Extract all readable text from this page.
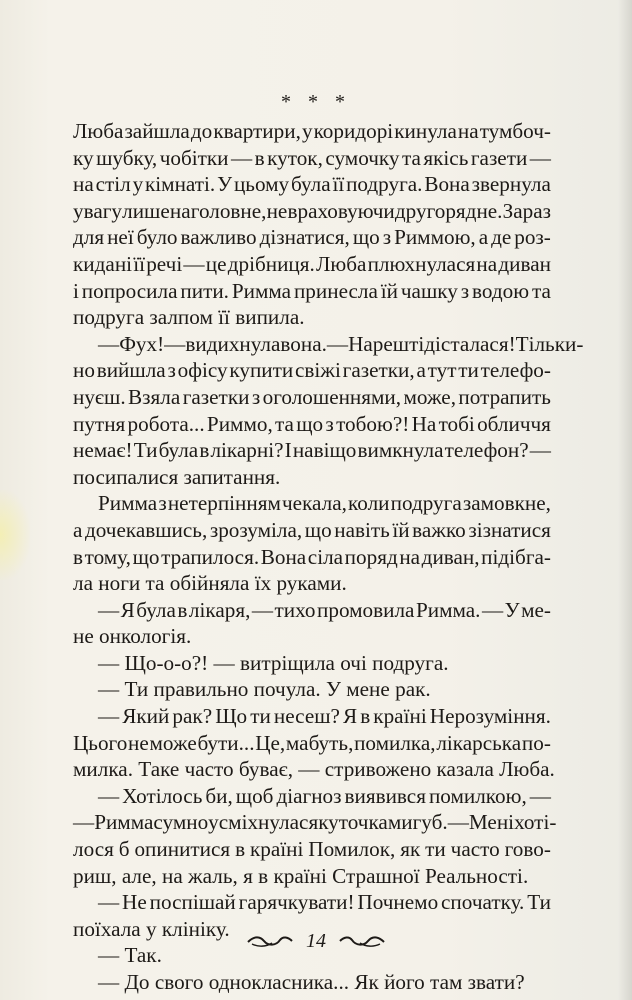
* * *
Люба зайшла до квартири, у коридорі кинула на тумбоч-
ку шубку, чобітки — в куток, сумочку та якісь газети —
на стіл у кімнаті. У цьому була її подруга. Вона звернула
увагу лише на головне, не враховуючи другорядне. Зараз
для неї було важливо дізнатися, що з Риммою, а де роз-
кидані її речі — це дрібниця. Люба плюхнулася на диван
і попросила пити. Римма принесла їй чашку з водою та
подруга залпом її випила.
— Фух! — видихнула вона. — Нарешті дісталася! Тільки-
но вийшла з офісу купити свіжі газетки, а тут ти телефо-
нуєш. Взяла газетки з оголошеннями, може, потрапить
путня робота... Риммо, та що з тобою?! На тобі обличчя
немає! Ти була в лікарні? І навіщо вимкнула телефон? —
посипалися запитання.
Римма з нетерпінням чекала, коли подруга замовкне,
а дочекавшись, зрозуміла, що навіть їй важко зізнатися
в тому, що трапилося. Вона сіла поряд на диван, підібга-
ла ноги та обійняла їх руками.
— Я була в лікаря, — тихо промовила Римма. — У ме-
не онкологія.
— Що-о-о?! — витріщила очі подруга.
— Ти правильно почула. У мене рак.
— Який рак? Що ти несеш? Я в країні Нерозуміння.
Цього не може бути... Це, мабуть, помилка, лікарська по-
милка. Таке часто буває, — стривожено казала Люба.
— Хотілось би, щоб діагноз виявився помилкою, —
— Римма сумно усміхнулася куточками губ. — Мені хоті-
лося б опинитися в країні Помилок, як ти часто гово-
риш, але, на жаль, я в країні Страшної Реальності.
— Не поспішай гарячкувати! Почнемо спочатку. Ти
поїхала у клініку.
— Так.
— До свого однокласника... Як його там звати?
14
